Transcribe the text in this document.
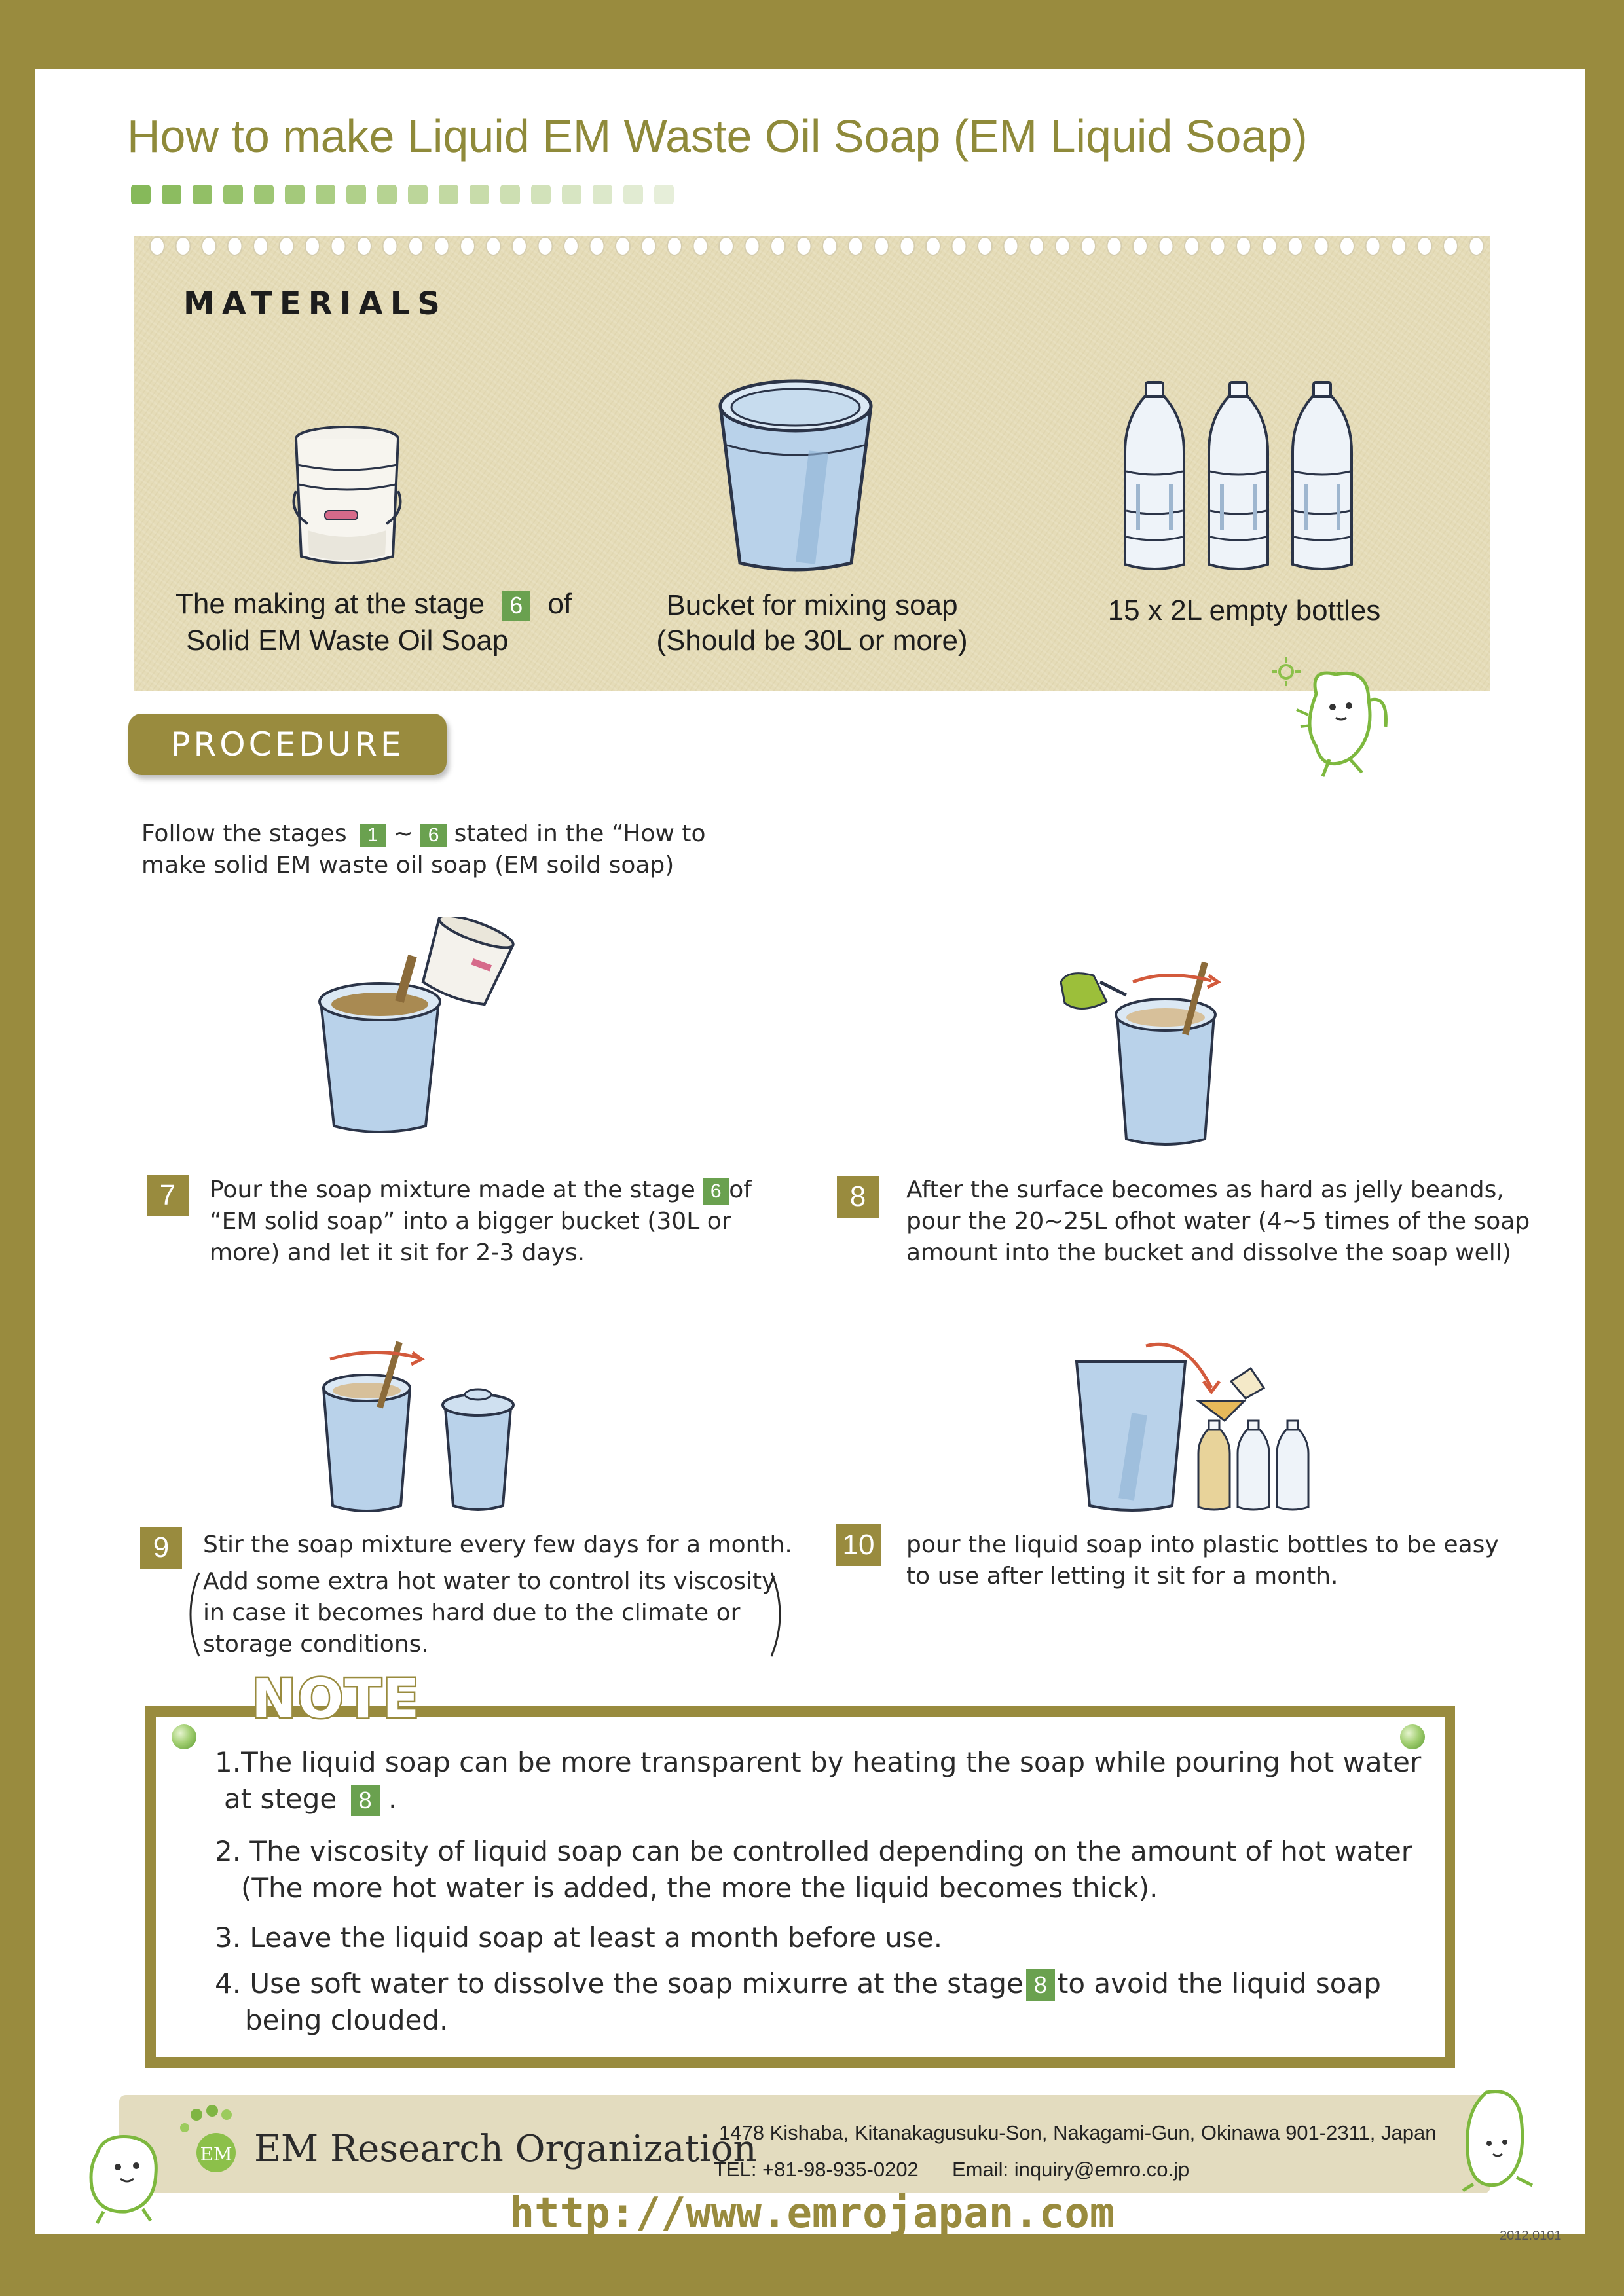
How to make Liquid EM Waste Oil Soap (EM Liquid Soap)
MATERIALS
The making at the stage 6 of
Solid EM Waste Oil Soap
Bucket for mixing soap
(Should be 30L or more)
15 x 2L empty bottles
PROCEDURE
Follow the stages 1 ~ 6 stated in the “How to
make solid EM waste oil soap (EM soild soap)
7	Pour the soap mixture made at the stage 6 of
“EM solid soap” into a bigger bucket (30L or
more) and let it sit for 2-3 days.
8	After the surface becomes as hard as jelly beands,
pour the 20~25L ofhot water (4~5 times of the soap
amount into the bucket and dissolve the soap well)
9	Stir the soap mixture every few days for a month.
Add some extra hot water to control its viscosity
in case it becomes hard due to the climate or
storage conditions.
10 pour the liquid soap into plastic bottles to be easy
to use after letting it sit for a month.
NOTE
1.The liquid soap can be more transparent by heating the soap while pouring hot water
at stege 8 .
2. The viscosity of liquid soap can be controlled depending on the amount of hot water
(The more hot water is added, the more the liquid becomes thick).
3. Leave the liquid soap at least a month before use.
4. Use soft water to dissolve the soap mixurre at the stage 8 to avoid the liquid soap
being clouded.
EM EM Research Organization
1478 Kishaba, Kitanakagusuku-Son, Nakagami-Gun, Okinawa 901-2311, Japan
TEL: +81-98-935-0202 Email: inquiry@emro.co.jp
http://www.emrojapan.com	2012.0101
